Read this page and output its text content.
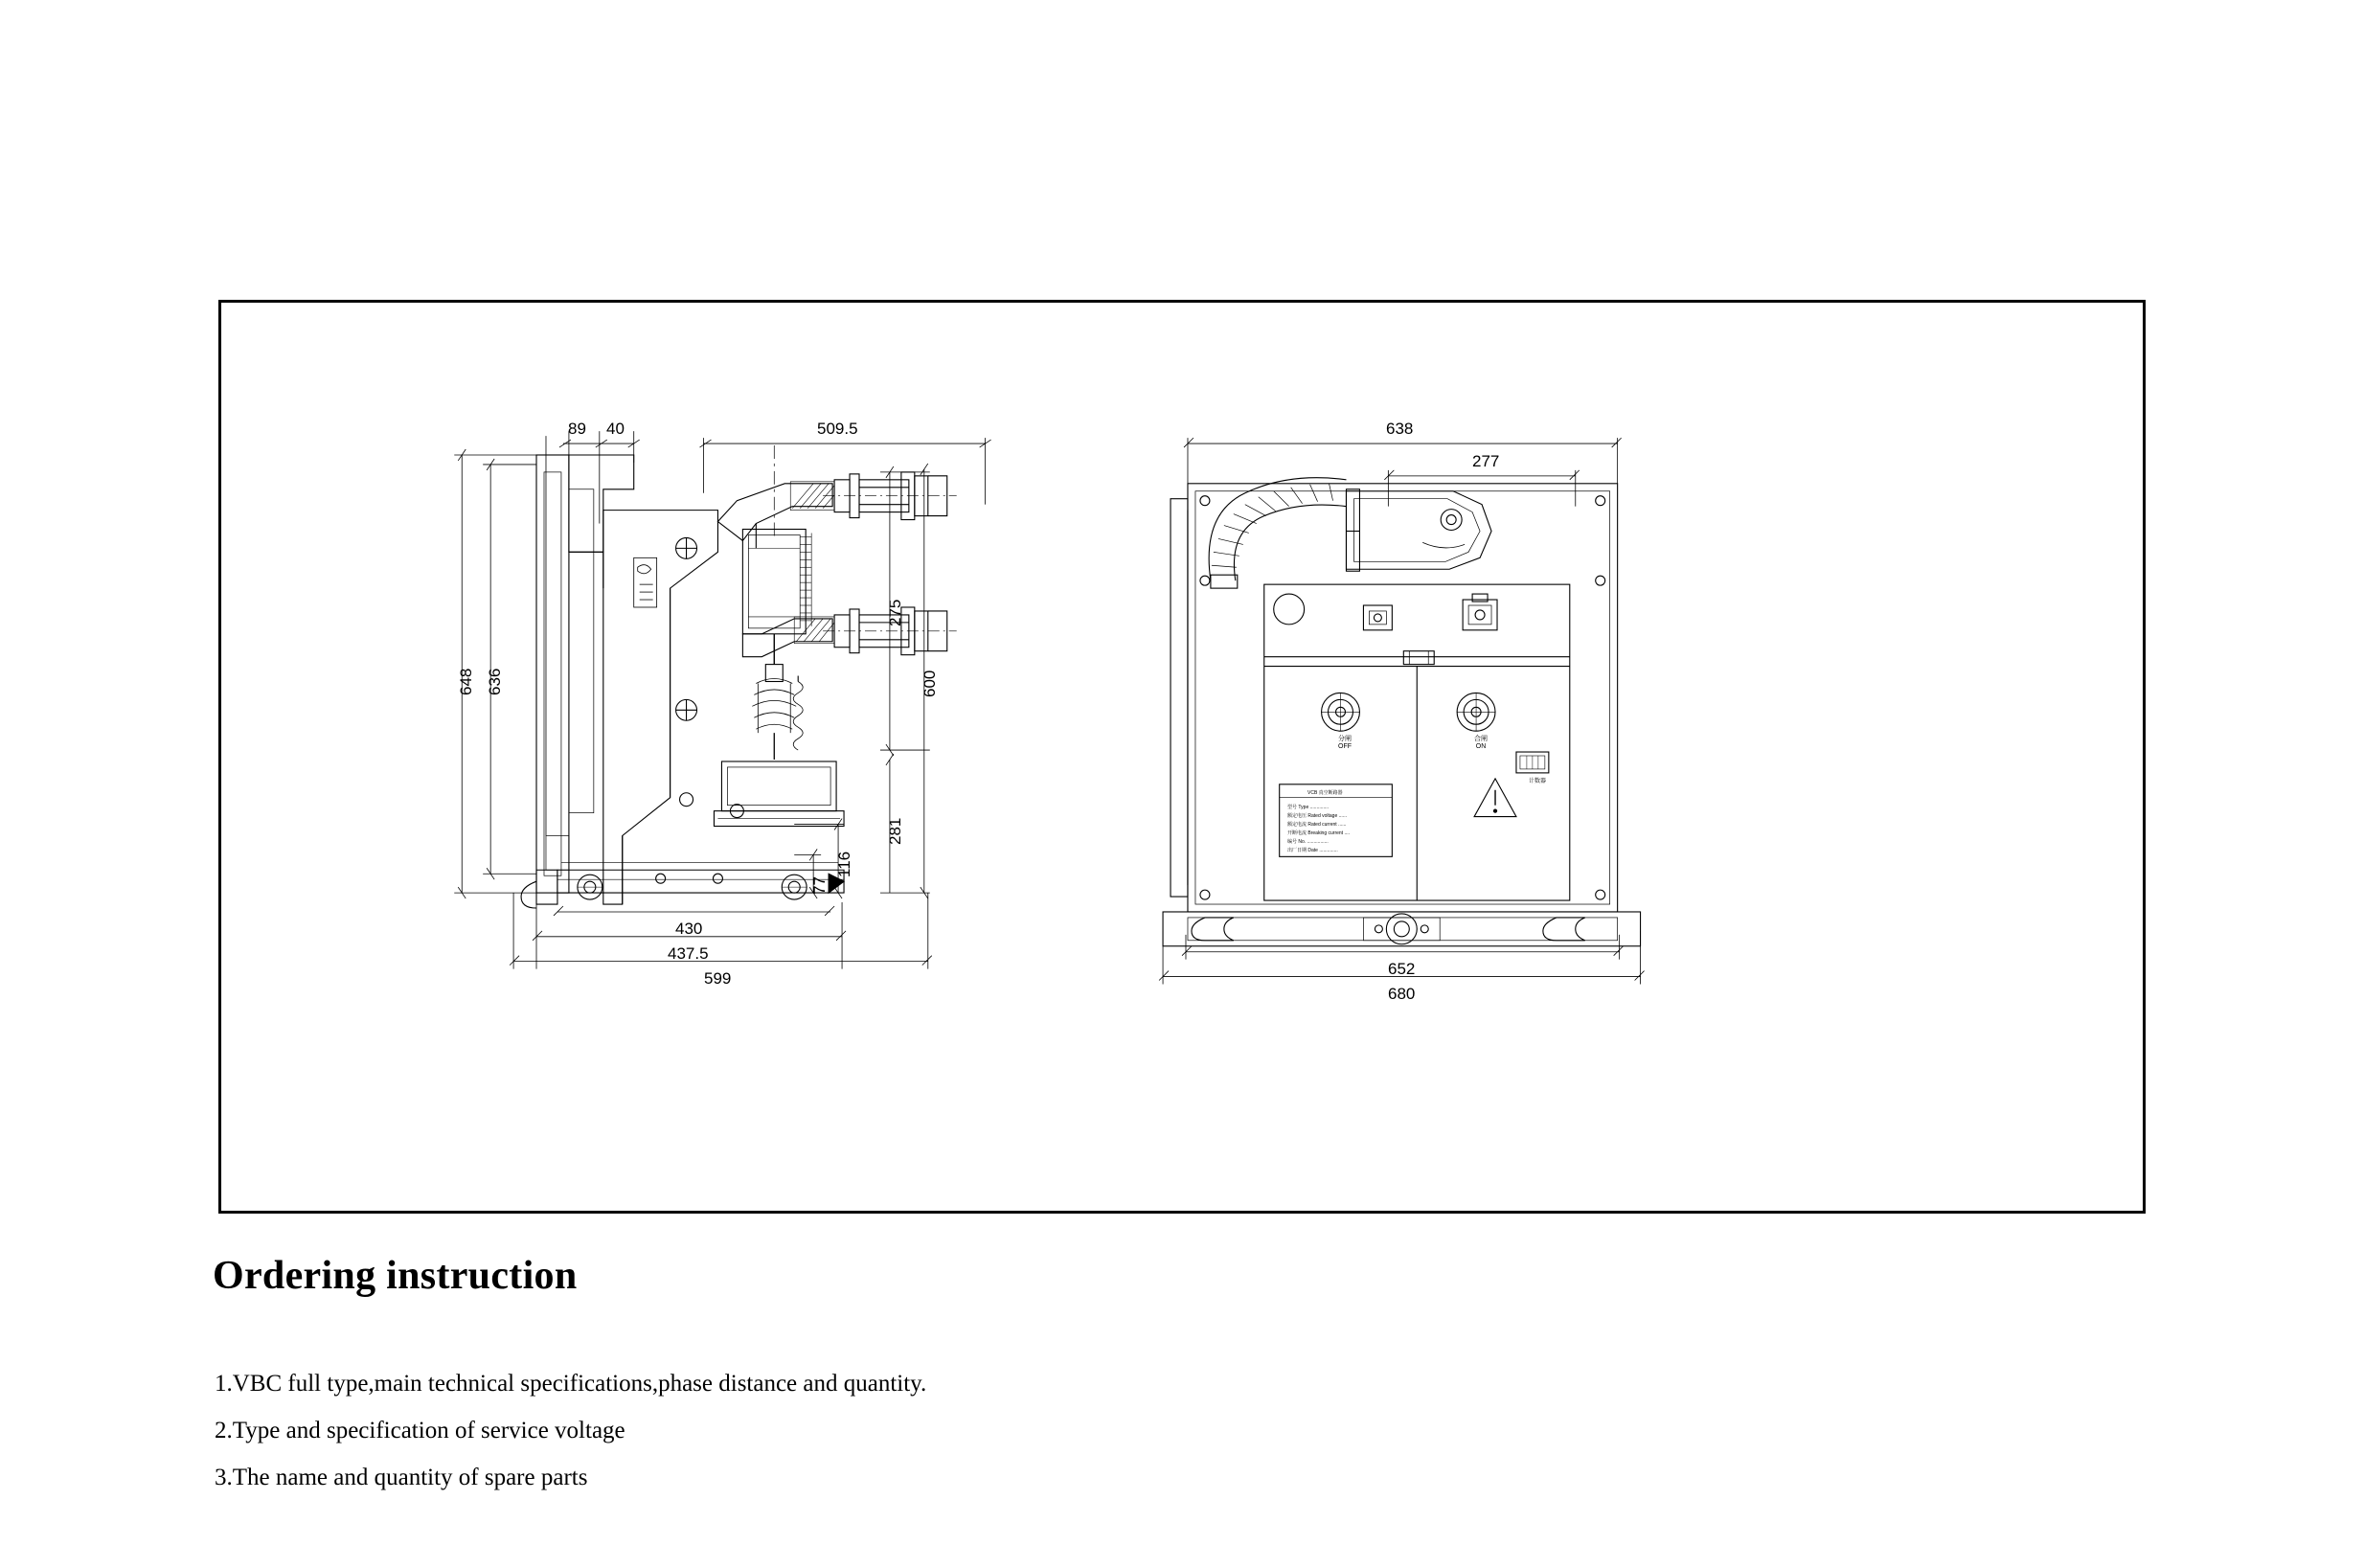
89 40	509.5
648 636
275
600
281
116
77
430
437.5
599
638
277
652
680
分闸
OFF
合闸
ON
计数器
VCB 真空断路器
型号 Type ..............
额定电压 Rated voltage ......
额定电流 Rated current ......
开断电流 Breaking current ....
编号 No. ................
出厂日期 Date ..............
Ordering instruction
1.VBC full type,main technical specifications,phase distance and quantity.
2.Type and specification of service voltage
3.The name and quantity of spare parts
